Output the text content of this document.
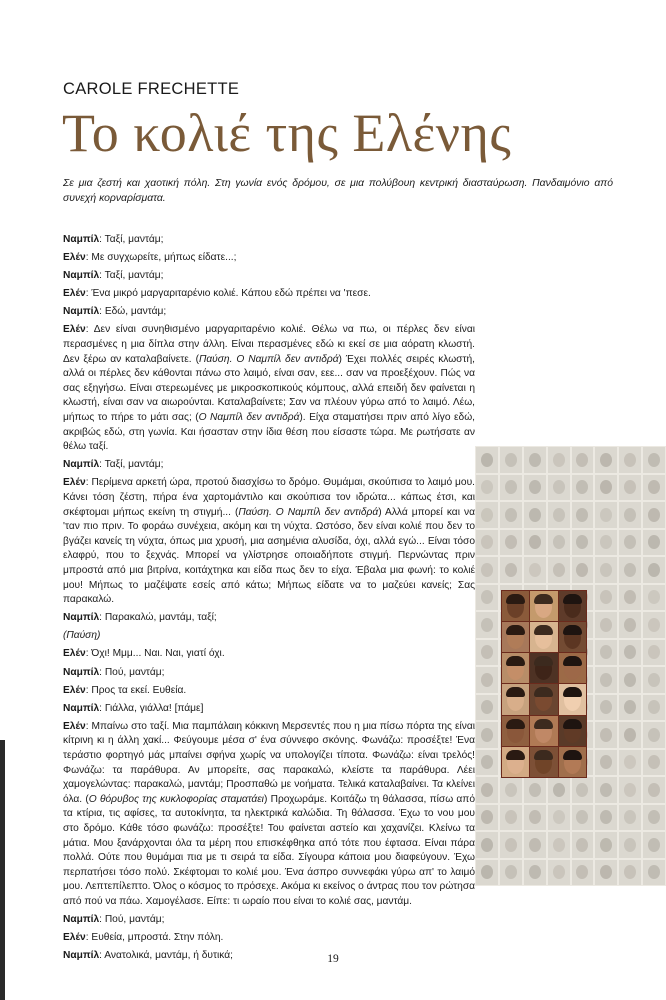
CAROLE FRECHETTE
Το κολιέ της Ελένης
Σε μια ζεστή και χαοτική πόλη. Στη γωνία ενός δρόμου, σε μια πολύβουη κεντρική διασταύρωση. Πανδαιμόνιο από συνεχή κορναρίσματα.

Ναμπίλ: Ταξί, μαντάμ;

Ελέν: Με συγχωρείτε, μήπως είδατε...;

Ναμπίλ: Ταξί, μαντάμ;

Ελέν: Ένα μικρό μαργαριταρένιο κολιέ. Κάπου εδώ πρέπει να 'πεσε.

Ναμπίλ: Εδώ, μαντάμ;

Ελέν: Δεν είναι συνηθισμένο μαργαριταρένιο κολιέ. Θέλω να πω, οι πέρλες δεν είναι περασμένες η μια δίπλα στην άλλη. Είναι περασμένες εδώ κι εκεί σε μια αόρατη κλωστή. Δεν ξέρω αν καταλαβαίνετε. (Παύση. Ο Ναμπίλ δεν αντιδρά) Έχει πολλές σειρές κλωστή, αλλά οι πέρλες δεν κάθονται πάνω στο λαιμό, είναι σαν, εεε... σαν να προεξέχουν. Πώς να σας εξηγήσω. Είναι στερεωμένες με μικροσκοπικούς κόμπους, αλλά επειδή δεν φαίνεται η κλωστή, είναι σαν να αιωρούνται. Καταλαβαίνετε; Σαν να πλέουν γύρω από το λαιμό. Λέω, μήπως το πήρε το μάτι σας; (Ο Ναμπίλ δεν αντιδρά). Είχα σταματήσει πριν από λίγο εδώ, ακριβώς εδώ, στη γωνία. Και ήσασταν στην ίδια θέση που είσαστε τώρα. Με ρωτήσατε αν θέλω ταξί.

Ναμπίλ: Ταξί, μαντάμ;

Ελέν: Περίμενα αρκετή ώρα, προτού διασχίσω το δρόμο. Θυμάμαι, σκούπισα το λαιμό μου. Κάνει τόση ζέστη, πήρα ένα χαρτομάντιλο και σκούπισα τον ιδρώτα... κάπως έτσι, και σκέφτομαι μήπως εκείνη τη στιγμή... (Παύση. Ο Ναμπίλ δεν αντιδρά) Αλλά μπορεί και να 'ταν πιο πριν. Το φοράω συνέχεια, ακόμη και τη νύχτα. Ωστόσο, δεν είναι κολιέ που δεν το βγάζει κανείς τη νύχτα, όπως μια χρυσή, μια ασημένια αλυσίδα, όχι, αλλά εγώ... Είναι τόσο ελαφρύ, που το ξεχνάς. Μπορεί να γλίστρησε οποιαδήποτε στιγμή. Περνώντας πριν μπροστά από μια βιτρίνα, κοιτάχτηκα και είδα πως δεν το είχα. Έβαλα μια φωνή: το κολιέ μου! Μήπως το μαζέψατε εσείς από κάτω; Μήπως είδατε να το μαζεύει κανείς; Σας παρακαλώ.

Ναμπίλ: Παρακαλώ, μαντάμ, ταξί;

(Παύση)

Ελέν: Όχι! Μμμ... Ναι. Ναι, γιατί όχι.

Ναμπίλ: Πού, μαντάμ;

Ελέν: Προς τα εκεί. Ευθεία.

Ναμπίλ: Γιάλλα, γιάλλα! [πάμε]

Ελέν: Μπαίνω στο ταξί. Μια παμπάλαιη κόκκινη Μερσεντές που η μια πίσω πόρτα της είναι κίτρινη κι η άλλη χακί... Φεύγουμε μέσα σ' ένα σύννεφο σκόνης. Φωνάζω: προσέξτε! Ένα τεράστιο φορτηγό μάς μπαίνει σφήνα χωρίς να υπολογίζει τίποτα. Φωνάζω: είναι τρελός! Φωνάζω: τα παράθυρα. Αν μπορείτε, σας παρακαλώ, κλείστε τα παράθυρα. Λέει χαμογελώντας: παρακαλώ, μαντάμ; Προσπαθώ με νοήματα. Τελικά καταλαβαίνει. Τα κλείνει όλα. (Ο θόρυβος της κυκλοφορίας σταματάει) Προχωράμε. Κοιτάζω τη θάλασσα, πίσω από τα κτίρια, τις αφίσες, τα αυτοκίνητα, τα ηλεκτρικά καλώδια. Τη θάλασσα. Έχω το νου μου στο δρόμο. Κάθε τόσο φωνάζω: προσέξτε! Του φαίνεται αστείο και χαχανίζει. Κλείνω τα μάτια. Μου ξανάρχονται όλα τα μέρη που επισκέφθηκα από τότε που έφτασα. Είναι πάρα πολλά. Ούτε που θυμάμαι πια με τι σειρά τα είδα. Σίγουρα κάποια μου διαφεύγουν. Έχω περπατήσει τόσο πολύ. Σκέφτομαι το κολιέ μου. Ένα άσπρο συννεφάκι γύρω απ' το λαιμό μου. Λεπτεπίλεπτο. Όλος ο κόσμος το πρόσεχε. Ακόμα κι εκείνος ο άντρας που τον ρώτησα από πού να πάω. Χαμογέλασε. Είπε: τι ωραίο που είναι το κολιέ σας, μαντάμ.

Ναμπίλ: Πού, μαντάμ;

Ελέν: Ευθεία, μπροστά. Στην πόλη.

Ναμπίλ: Ανατολικά, μαντάμ, ή δυτικά;	19
